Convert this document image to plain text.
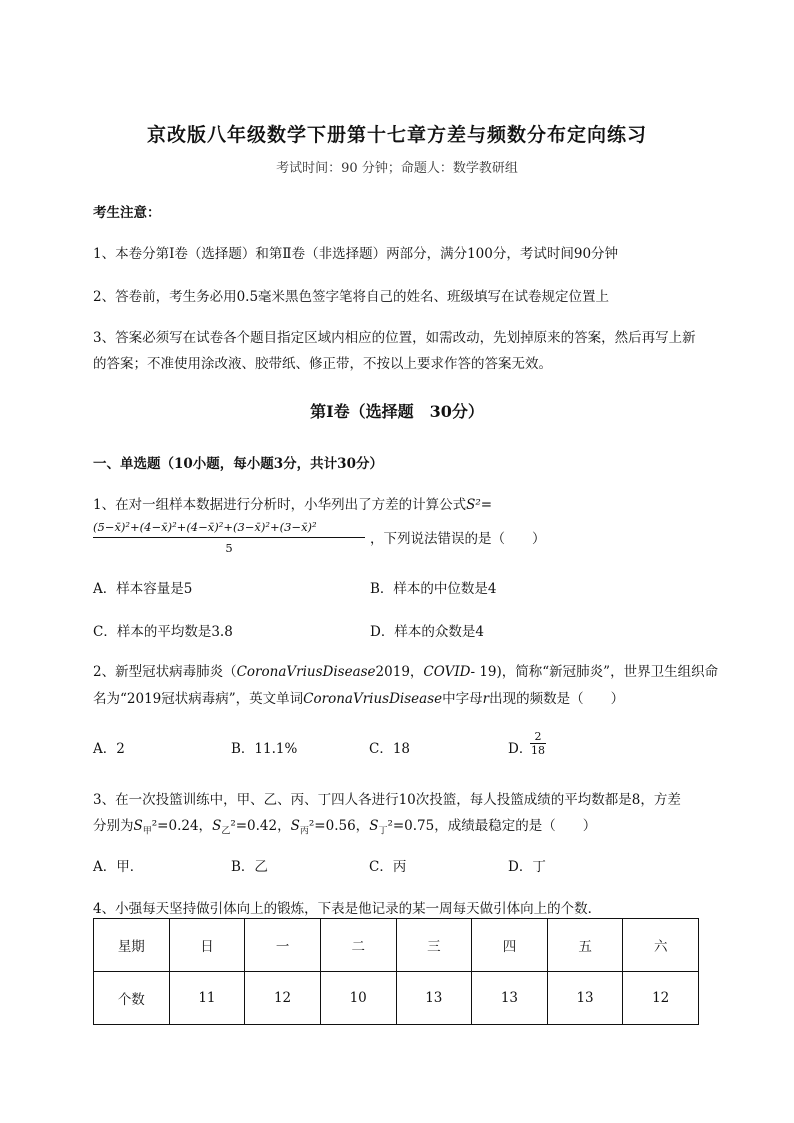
京改版八年级数学下册第十七章方差与频数分布定向练习
考试时间：90 分钟；命题人：数学教研组
考生注意：
1、本卷分第I卷（选择题）和第Ⅱ卷（非选择题）两部分，满分100分，考试时间90分钟
2、答卷前，考生务必用0.5毫米黑色签字笔将自己的姓名、班级填写在试卷规定位置上
3、答案必须写在试卷各个题目指定区域内相应的位置，如需改动，先划掉原来的答案，然后再写上新
的答案；不准使用涂改液、胶带纸、修正带，不按以上要求作答的答案无效。
第I卷（选择题　30分）
一、单选题（10小题，每小题3分，共计30分）
1、在对一组样本数据进行分析时，小华列出了方差的计算公式S²=
$\frac{\text{(5−x̄)²+(4−x̄)²+(4−x̄)²+(3−x̄)²+(3−x̄)²}}{5}$ ，下列说法错误的是（　　）
A．样本容量是5	B．样本的中位数是4
C．样本的平均数是3.8	D．样本的众数是4
2、新型冠状病毒肺炎（CoronaVriusDisease2019，COVID- 19)，简称“新冠肺炎”，世界卫生组织命
名为“2019冠状病毒病”，英文单词CoronaVriusDisease中字母r出现的频数是（　　）
A．2	B．11.1%	C．18	D．
$\frac{2}{18}$
3、在一次投篮训练中，甲、乙、丙、丁四人各进行10次投篮，每人投篮成绩的平均数都是8，方差
分别为$S_甲^2=0.24$，$S_乙^2=0.42$，$S_丙^2=0.56$，$S_丁^2=0.75$，成绩最稳定的是（　　）
A．甲．	B．乙	C．丙	D．丁
4、小强每天坚持做引体向上的锻炼，下表是他记录的某一周每天做引体向上的个数．
星期	日	一	二	三	四	五	六
个数	11	12	10	13	13	13	12
